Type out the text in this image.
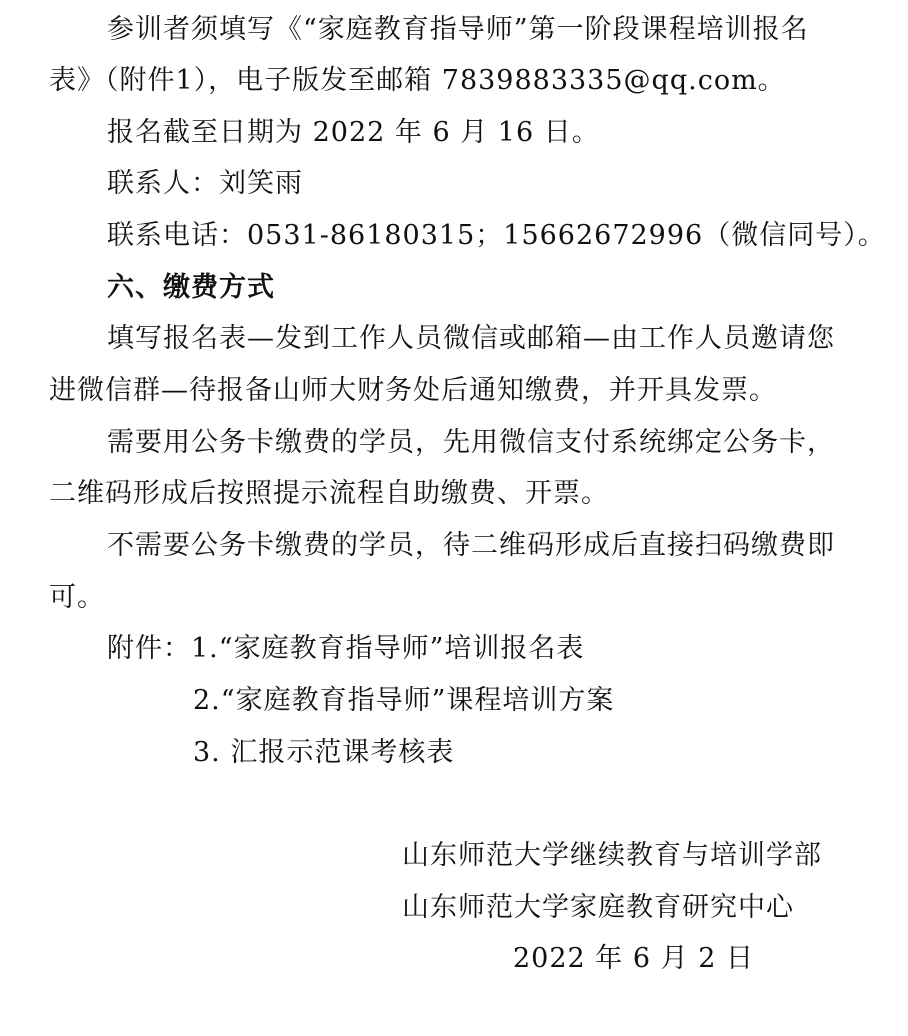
参训者须填写《“家庭教育指导师”第一阶段课程培训报名
表》（附件1），电子版发至邮箱 7839883335@qq.com。
报名截至日期为 2022 年 6 月 16 日。
联系人：刘笑雨
联系电话：0531-86180315；15662672996（微信同号）。
六、缴费方式
填写报名表—发到工作人员微信或邮箱—由工作人员邀请您
进微信群—待报备山师大财务处后通知缴费，并开具发票。
需要用公务卡缴费的学员，先用微信支付系统绑定公务卡，
二维码形成后按照提示流程自助缴费、开票。
不需要公务卡缴费的学员，待二维码形成后直接扫码缴费即
可。
附件：1.“家庭教育指导师”培训报名表
2.“家庭教育指导师”课程培训方案
3. 汇报示范课考核表
山东师范大学继续教育与培训学部
山东师范大学家庭教育研究中心
2022 年 6 月 2 日
